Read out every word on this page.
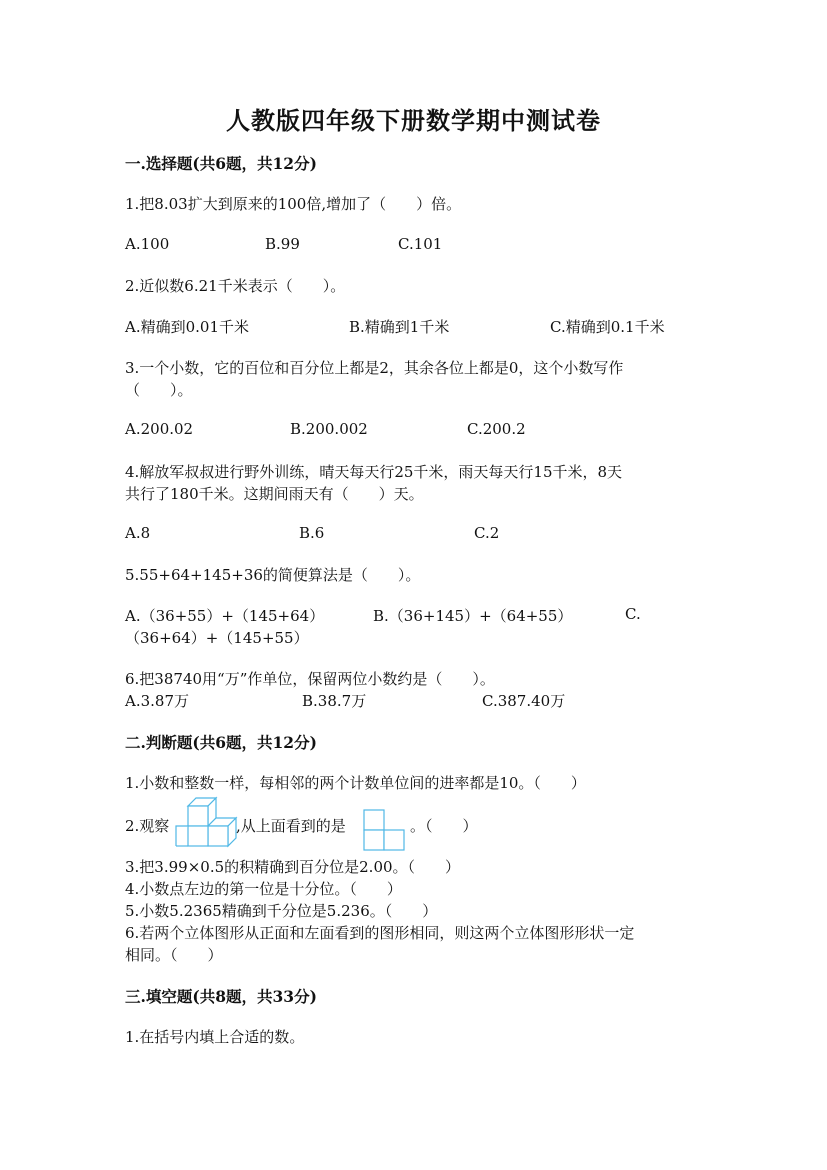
人教版四年级下册数学期中测试卷
一.选择题(共6题，共12分)
1.把8.03扩大到原来的100倍,增加了（　　）倍。
A.100	B.99	C.101
2.近似数6.21千米表示（　　）。
A.精确到0.01千米	B.精确到1千米	C.精确到0.1千米
3.一个小数，它的百位和百分位上都是2，其余各位上都是0，这个小数写作
（　　）。
A.200.02	B.200.002	C.200.2
4.解放军叔叔进行野外训练，晴天每天行25千米，雨天每天行15千米，8天
共行了180千米。这期间雨天有（　　）天。
A.8	B.6	C.2
5.55+64+145+36的简便算法是（　　）。
A.（36+55）+（145+64）	B.（36+145）+（64+55）	C.
（36+64）+（145+55）
6.把38740用“万”作单位，保留两位小数约是（　　）。
A.3.87万	B.38.7万	C.387.40万
二.判断题(共6题，共12分)
1.小数和整数一样，每相邻的两个计数单位间的进率都是10。（　　）
2.观察	,从上面看到的是	。（　　）
3.把3.99×0.5的积精确到百分位是2.00。（　　）
4.小数点左边的第一位是十分位。（　　）
5.小数5.2365精确到千分位是5.236。（　　）
6.若两个立体图形从正面和左面看到的图形相同，则这两个立体图形形状一定
相同。（　　）
三.填空题(共8题，共33分)
1.在括号内填上合适的数。
